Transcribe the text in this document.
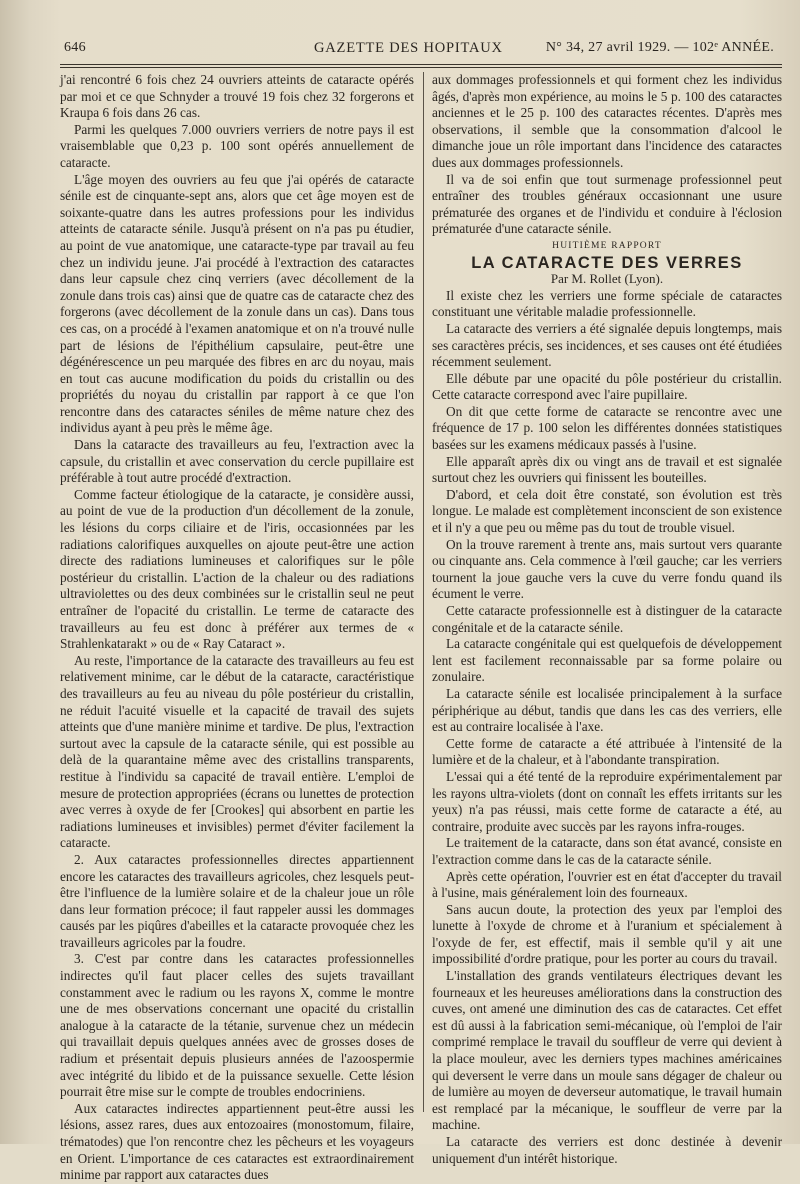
646	GAZETTE DES HOPITAUX	N° 34, 27 avril 1929. — 102ᵉ ANNÉE.

j'ai rencontré 6 fois chez 24 ouvriers atteints de cataracte opérés par moi et ce que Schnyder a trouvé 19 fois chez 32 forgerons et Kraupa 6 fois dans 26 cas.

Parmi les quelques 7.000 ouvriers verriers de notre pays il est vraisemblable que 0,23 p. 100 sont opérés annuellement de cataracte.

L'âge moyen des ouvriers au feu que j'ai opérés de cataracte sénile est de cinquante-sept ans, alors que cet âge moyen est de soixante-quatre dans les autres professions pour les individus atteints de cataracte sénile. Jusqu'à présent on n'a pas pu étudier, au point de vue anatomique, une cataracte-type par travail au feu chez un individu jeune. J'ai procédé à l'extraction des cataractes dans leur capsule chez cinq verriers (avec décollement de la zonule dans trois cas) ainsi que de quatre cas de cataracte chez des forgerons (avec décollement de la zonule dans un cas). Dans tous ces cas, on a procédé à l'examen anatomique et on n'a trouvé nulle part de lésions de l'épithélium capsulaire, peut-être une dégénérescence un peu marquée des fibres en arc du noyau, mais en tout cas aucune modification du poids du cristallin ou des propriétés du noyau du cristallin par rapport à ce que l'on rencontre dans des cataractes séniles de même nature chez des individus ayant à peu près le même âge.

Dans la cataracte des travailleurs au feu, l'extraction avec la capsule, du cristallin et avec conservation du cercle pupillaire est préférable à tout autre procédé d'extraction.

Comme facteur étiologique de la cataracte, je considère aussi, au point de vue de la production d'un décollement de la zonule, les lésions du corps ciliaire et de l'iris, occasionnées par les radiations calorifiques auxquelles on ajoute peut-être une action directe des radiations lumineuses et calorifiques sur le pôle postérieur du cristallin. L'action de la chaleur ou des radiations ultraviolettes ou des deux combinées sur le cristallin seul ne peut entraîner de l'opacité du cristallin. Le terme de cataracte des travailleurs au feu est donc à préférer aux termes de « Strahlenkatarakt » ou de « Ray Cataract ».

Au reste, l'importance de la cataracte des travailleurs au feu est relativement minime, car le début de la cataracte, caractéristique des travailleurs au feu au niveau du pôle postérieur du cristallin, ne réduit l'acuité visuelle et la capacité de travail des sujets atteints que d'une manière minime et tardive. De plus, l'extraction surtout avec la capsule de la cataracte sénile, qui est possible au delà de la quarantaine même avec des cristallins transparents, restitue à l'individu sa capacité de travail entière. L'emploi de mesure de protection appropriées (écrans ou lunettes de protection avec verres à oxyde de fer [Crookes] qui absorbent en partie les radiations lumineuses et invisibles) permet d'éviter facilement la cataracte.

2. Aux cataractes professionnelles directes appartiennent encore les cataractes des travailleurs agricoles, chez lesquels peut-être l'influence de la lumière solaire et de la chaleur joue un rôle dans leur formation précoce; il faut rappeler aussi les dommages causés par les piqûres d'abeilles et la cataracte provoquée chez les travailleurs agricoles par la foudre.

3. C'est par contre dans les cataractes professionnelles indirectes qu'il faut placer celles des sujets travaillant constamment avec le radium ou les rayons X, comme le montre une de mes observations concernant une opacité du cristallin analogue à la cataracte de la tétanie, survenue chez un médecin qui travaillait depuis quelques années avec de grosses doses de radium et présentait depuis plusieurs années de l'azoospermie avec intégrité du libido et de la puissance sexuelle. Cette lésion pourrait être mise sur le compte de troubles endocriniens.

Aux cataractes indirectes appartiennent peut-être aussi les lésions, assez rares, dues aux entozoaires (monostomum, filaire, trématodes) que l'on rencontre chez les pêcheurs et les voyageurs en Orient. L'importance de ces cataractes est extraordinairement minime par rapport aux cataractes dues

aux dommages professionnels et qui forment chez les individus âgés, d'après mon expérience, au moins le 5 p. 100 des cataractes anciennes et le 25 p. 100 des cataractes récentes. D'après mes observations, il semble que la consommation d'alcool le dimanche joue un rôle important dans l'incidence des cataractes dues aux dommages professionnels.

Il va de soi enfin que tout surmenage professionnel peut entraîner des troubles généraux occasionnant une usure prématurée des organes et de l'individu et conduire à l'éclosion prématurée d'une cataracte sénile.

HUITIÈME RAPPORT

LA CATARACTE DES VERRES

Par M. Rollet (Lyon).

Il existe chez les verriers une forme spéciale de cataractes constituant une véritable maladie professionnelle.

La cataracte des verriers a été signalée depuis longtemps, mais ses caractères précis, ses incidences, et ses causes ont été étudiées récemment seulement.

Elle débute par une opacité du pôle postérieur du cristallin. Cette cataracte correspond avec l'aire pupillaire.

On dit que cette forme de cataracte se rencontre avec une fréquence de 17 p. 100 selon les différentes données statistiques basées sur les examens médicaux passés à l'usine.

Elle apparaît après dix ou vingt ans de travail et est signalée surtout chez les ouvriers qui finissent les bouteilles.

D'abord, et cela doit être constaté, son évolution est très longue. Le malade est complètement inconscient de son existence et il n'y a que peu ou même pas du tout de trouble visuel.

On la trouve rarement à trente ans, mais surtout vers quarante ou cinquante ans. Cela commence à l'œil gauche; car les verriers tournent la joue gauche vers la cuve du verre fondu quand ils écument le verre.

Cette cataracte professionnelle est à distinguer de la cataracte congénitale et de la cataracte sénile.

La cataracte congénitale qui est quelquefois de développement lent est facilement reconnaissable par sa forme polaire ou zonulaire.

La cataracte sénile est localisée principalement à la surface périphérique au début, tandis que dans les cas des verriers, elle est au contraire localisée à l'axe.

Cette forme de cataracte a été attribuée à l'intensité de la lumière et de la chaleur, et à l'abondante transpiration.

L'essai qui a été tenté de la reproduire expérimentalement par les rayons ultra-violets (dont on connaît les effets irritants sur les yeux) n'a pas réussi, mais cette forme de cataracte a été, au contraire, produite avec succès par les rayons infra-rouges.

Le traitement de la cataracte, dans son état avancé, consiste en l'extraction comme dans le cas de la cataracte sénile.

Après cette opération, l'ouvrier est en état d'accepter du travail à l'usine, mais généralement loin des fourneaux.

Sans aucun doute, la protection des yeux par l'emploi des lunette à l'oxyde de chrome et à l'uranium et spécialement à l'oxyde de fer, est effectif, mais il semble qu'il y ait une impossibilité d'ordre pratique, pour les porter au cours du travail.

L'installation des grands ventilateurs électriques devant les fourneaux et les heureuses améliorations dans la construction des cuves, ont amené une diminution des cas de cataractes. Cet effet est dû aussi à la fabrication semi-mécanique, où l'emploi de l'air comprimé remplace le travail du souffleur de verre qui devient à la place mouleur, avec les derniers types machines américaines qui deversent le verre dans un moule sans dégager de chaleur ou de lumière au moyen de deverseur automatique, le travail humain est remplacé par la mécanique, le souffleur de verre par la machine.

La cataracte des verriers est donc destinée à devenir uniquement d'un intérêt historique.
